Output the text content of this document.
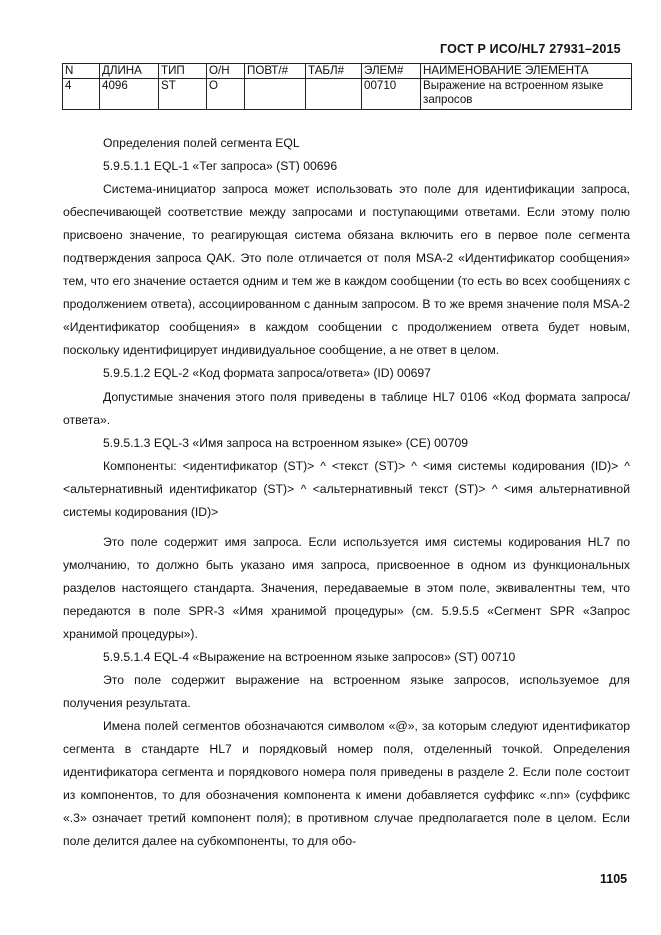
ГОСТ Р ИСО/HL7 27931–2015
N	ДЛИНА	ТИП	О/Н	ПОВТ/#	ТАБЛ#	ЭЛЕМ#	НАИМЕНОВАНИЕ ЭЛЕМЕНТА
4	4096	ST	О			00710	Выражение на встроенном языке запросов

Определения полей сегмента EQL

5.9.5.1.1 EQL-1 «Тег запроса» (ST) 00696

Система-инициатор запроса может использовать это поле для идентификации запроса, обеспечивающей соответствие между запросами и поступающими ответами. Если этому полю присвоено значение, то реагирующая система обязана включить его в первое поле сегмента подтверждения запроса QAK. Это поле отличается от поля MSA-2 «Идентификатор сообщения» тем, что его значение остается одним и тем же в каждом сообщении (то есть во всех сообщениях с продолжением ответа), ассоциированном с данным запросом. В то же время значение поля MSA-2 «Идентификатор сообщения» в каждом сообщении с продолжением ответа будет новым, поскольку идентифицирует индивидуальное сообщение, а не ответ в целом.

5.9.5.1.2 EQL-2 «Код формата запроса/ответа» (ID) 00697

Допустимые значения этого поля приведены в таблице HL7 0106 «Код формата запроса/ответа».

5.9.5.1.3 EQL-3 «Имя запроса на встроенном языке» (CE) 00709

Компоненты: <идентификатор (ST)> ^ <текст (ST)> ^ <имя системы кодирования (ID)> ^ <альтернативный идентификатор (ST)> ^ <альтернативный текст (ST)> ^ <имя альтернативной системы кодирования (ID)>

Это поле содержит имя запроса. Если используется имя системы кодирования HL7 по умолчанию, то должно быть указано имя запроса, присвоенное в одном из функциональных разделов настоящего стандарта. Значения, передаваемые в этом поле, эквивалентны тем, что передаются в поле SPR-3 «Имя хранимой процедуры» (см. 5.9.5.5 «Сегмент SPR «Запрос хранимой процедуры»).

5.9.5.1.4 EQL-4 «Выражение на встроенном языке запросов» (ST) 00710

Это поле содержит выражение на встроенном языке запросов, используемое для получения результата.

Имена полей сегментов обозначаются символом «@», за которым следуют идентификатор сегмента в стандарте HL7 и порядковый номер поля, отделенный точкой. Определения идентификатора сегмента и порядкового номера поля приведены в разделе 2. Если поле состоит из компонентов, то для обозначения компонента к имени добавляется суффикс «.nn» (суффикс «.3» означает третий компонент поля); в противном случае предполагается поле в целом. Если поле делится далее на субкомпоненты, то для обо-

1105
